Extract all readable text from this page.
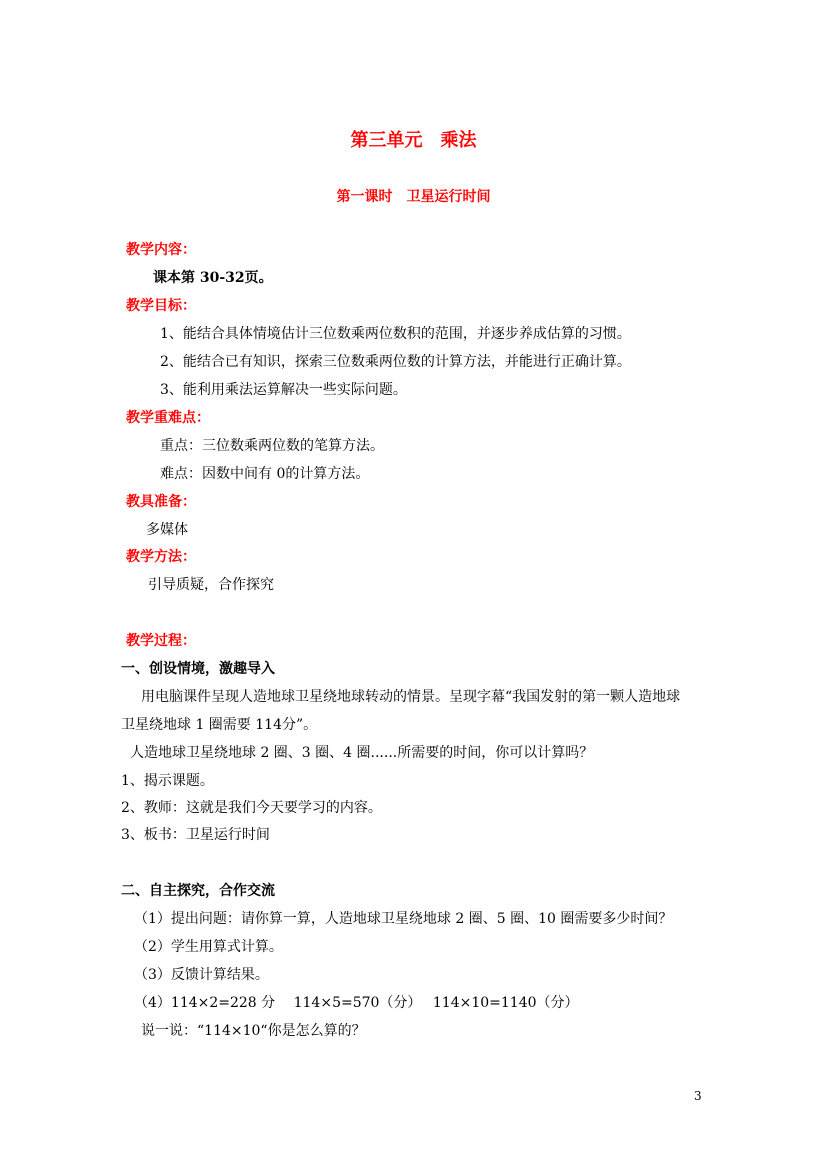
第三单元　乘法
第一课时　卫星运行时间
教学内容：
课本第 30-32页。
教学目标：
1、能结合具体情境估计三位数乘两位数积的范围，并逐步养成估算的习惯。
2、能结合已有知识，探索三位数乘两位数的计算方法，并能进行正确计算。
3、能利用乘法运算解决一些实际问题。
教学重难点：
重点：三位数乘两位数的笔算方法。
难点：因数中间有 0的计算方法。
教具准备：
多媒体
教学方法：
引导质疑，合作探究
教学过程：
一、创设情境，激趣导入
用电脑课件呈现人造地球卫星绕地球转动的情景。呈现字幕“我国发射的第一颗人造地球
卫星绕地球 1 圈需要 114分”。
人造地球卫星绕地球 2 圈、3 圈、4 圈......所需要的时间，你可以计算吗？
1、揭示课题。
2、教师：这就是我们今天要学习的内容。
3、板书：卫星运行时间
二、自主探究，合作交流
（1）提出问题：请你算一算，人造地球卫星绕地球 2 圈、5 圈、10 圈需要多少时间？
（2）学生用算式计算。
（3）反馈计算结果。
（4）114×2=228 分　 114×5=570（分）　 114×10=1140（分）
说一说：“114×10“你是怎么算的？
3
